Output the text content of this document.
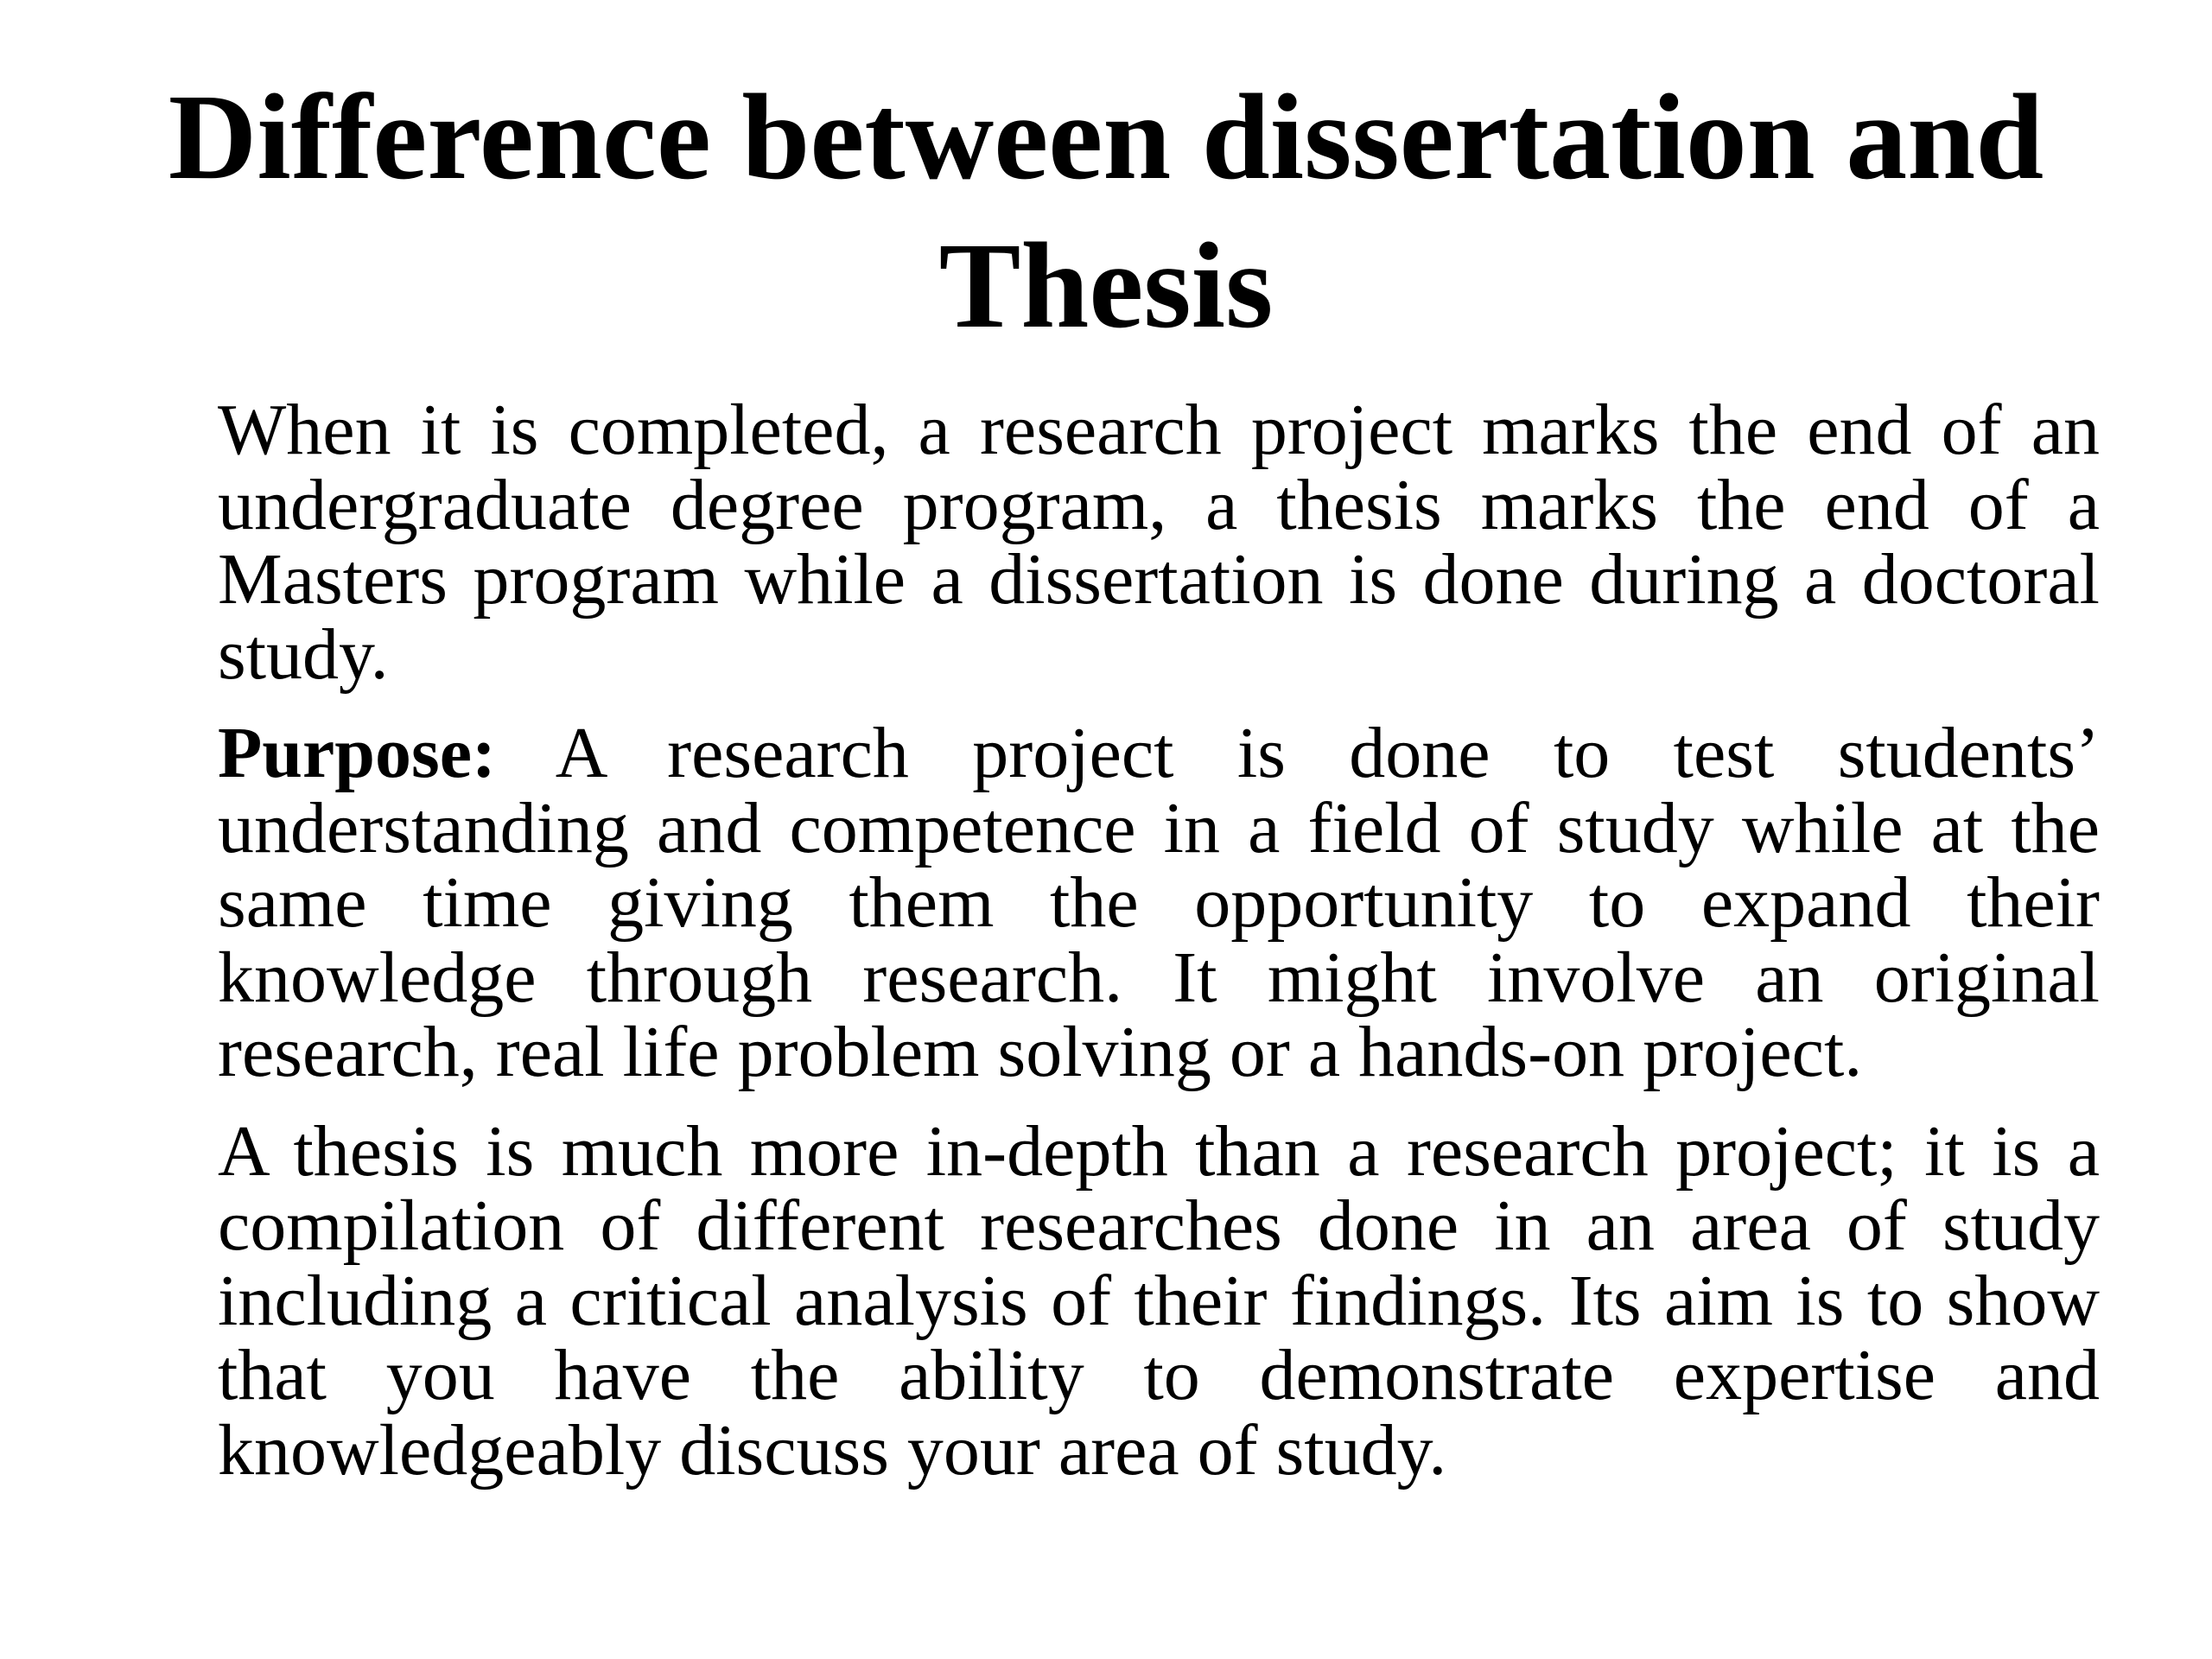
Difference between dissertation and Thesis

When it is completed, a research project marks the end of an undergraduate degree program, a thesis marks the end of a Masters program while a dissertation is done during a doctoral study.

Purpose: A research project is done to test students’ understanding and competence in a field of study while at the same time giving them the opportunity to expand their knowledge through research. It might involve an original research, real life problem solving or a hands-on project.

A thesis is much more in-depth than a research project; it is a compilation of different researches done in an area of study including a critical analysis of their findings. Its aim is to show that you have the ability to demonstrate expertise and knowledgeably discuss your area of study.
